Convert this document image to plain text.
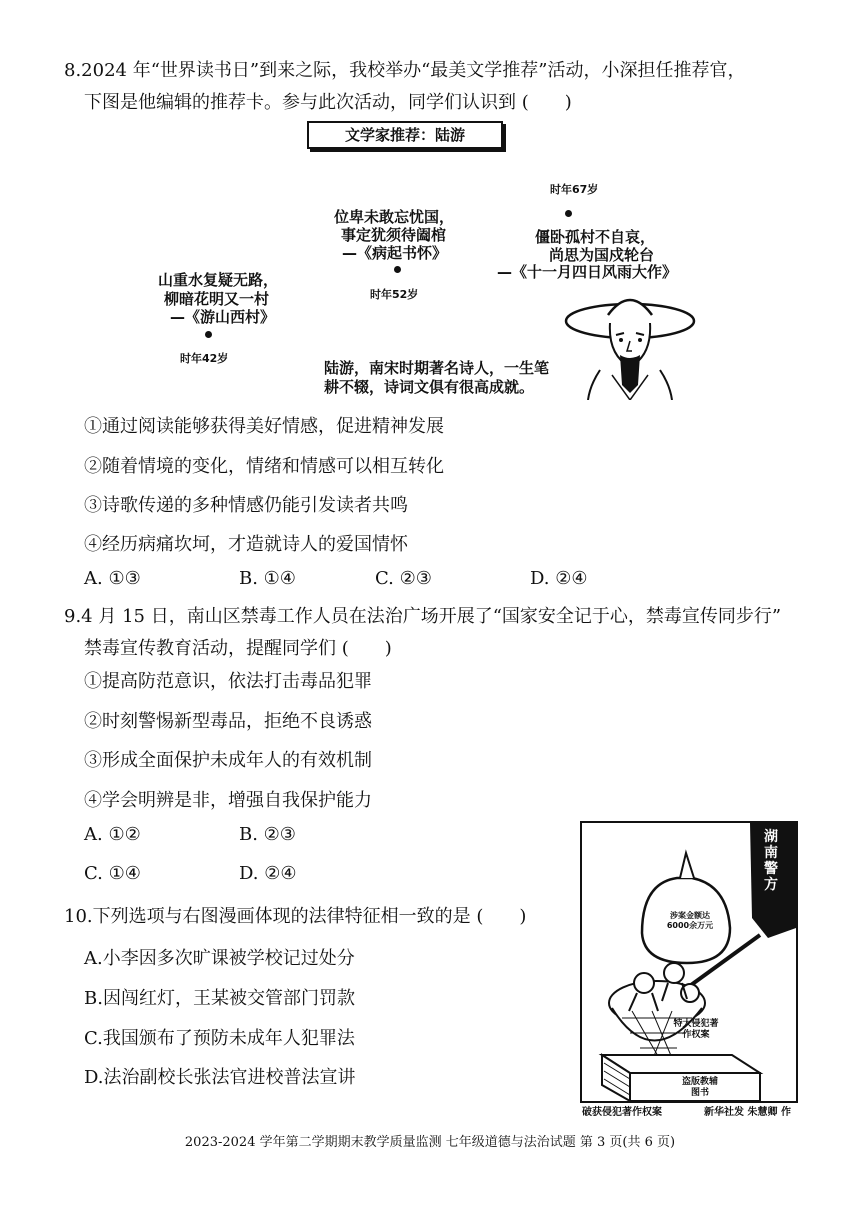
8.2024 年“世界读书日”到来之际，我校举办“最美文学推荐”活动，小深担任推荐官，
下图是他编辑的推荐卡。参与此次活动，同学们认识到 (　　)
文学家推荐：陆游
时年67岁
僵卧孤村不自哀，
尚思为国戍轮台
—《十一月四日风雨大作》
位卑未敢忘忧国，
事定犹须待阖棺
—《病起书怀》
时年52岁
山重水复疑无路，
柳暗花明又一村
—《游山西村》
时年42岁
陆游，南宋时期著名诗人，一生笔
耕不辍，诗词文俱有很高成就。
①通过阅读能够获得美好情感，促进精神发展
②随着情境的变化，情绪和情感可以相互转化
③诗歌传递的多种情感仍能引发读者共鸣
④经历病痛坎坷，才造就诗人的爱国情怀
A. ①③	B. ①④	C. ②③	D. ②④
9.4 月 15 日，南山区禁毒工作人员在法治广场开展了“国家安全记于心，禁毒宣传同步行”
禁毒宣传教育活动，提醒同学们 (　　)
①提高防范意识，依法打击毒品犯罪
②时刻警惕新型毒品，拒绝不良诱惑
③形成全面保护未成年人的有效机制
④学会明辨是非，增强自我保护能力
A. ①②	B. ②③
C. ①④	D. ②④
10.下列选项与右图漫画体现的法律特征相一致的是 (　　)
A.小李因多次旷课被学校记过处分
B.因闯红灯，王某被交管部门罚款
C.我国颁布了预防未成年人犯罪法
D.法治副校长张法官进校普法宣讲
湖南警方
涉案金额达6000余万元
特大侵犯著作权案
盗版教辅图书
破获侵犯著作权案	新华社发 朱慧卿 作
2023-2024 学年第二学期期末教学质量监测 七年级道德与法治试题 第 3 页(共 6 页)
